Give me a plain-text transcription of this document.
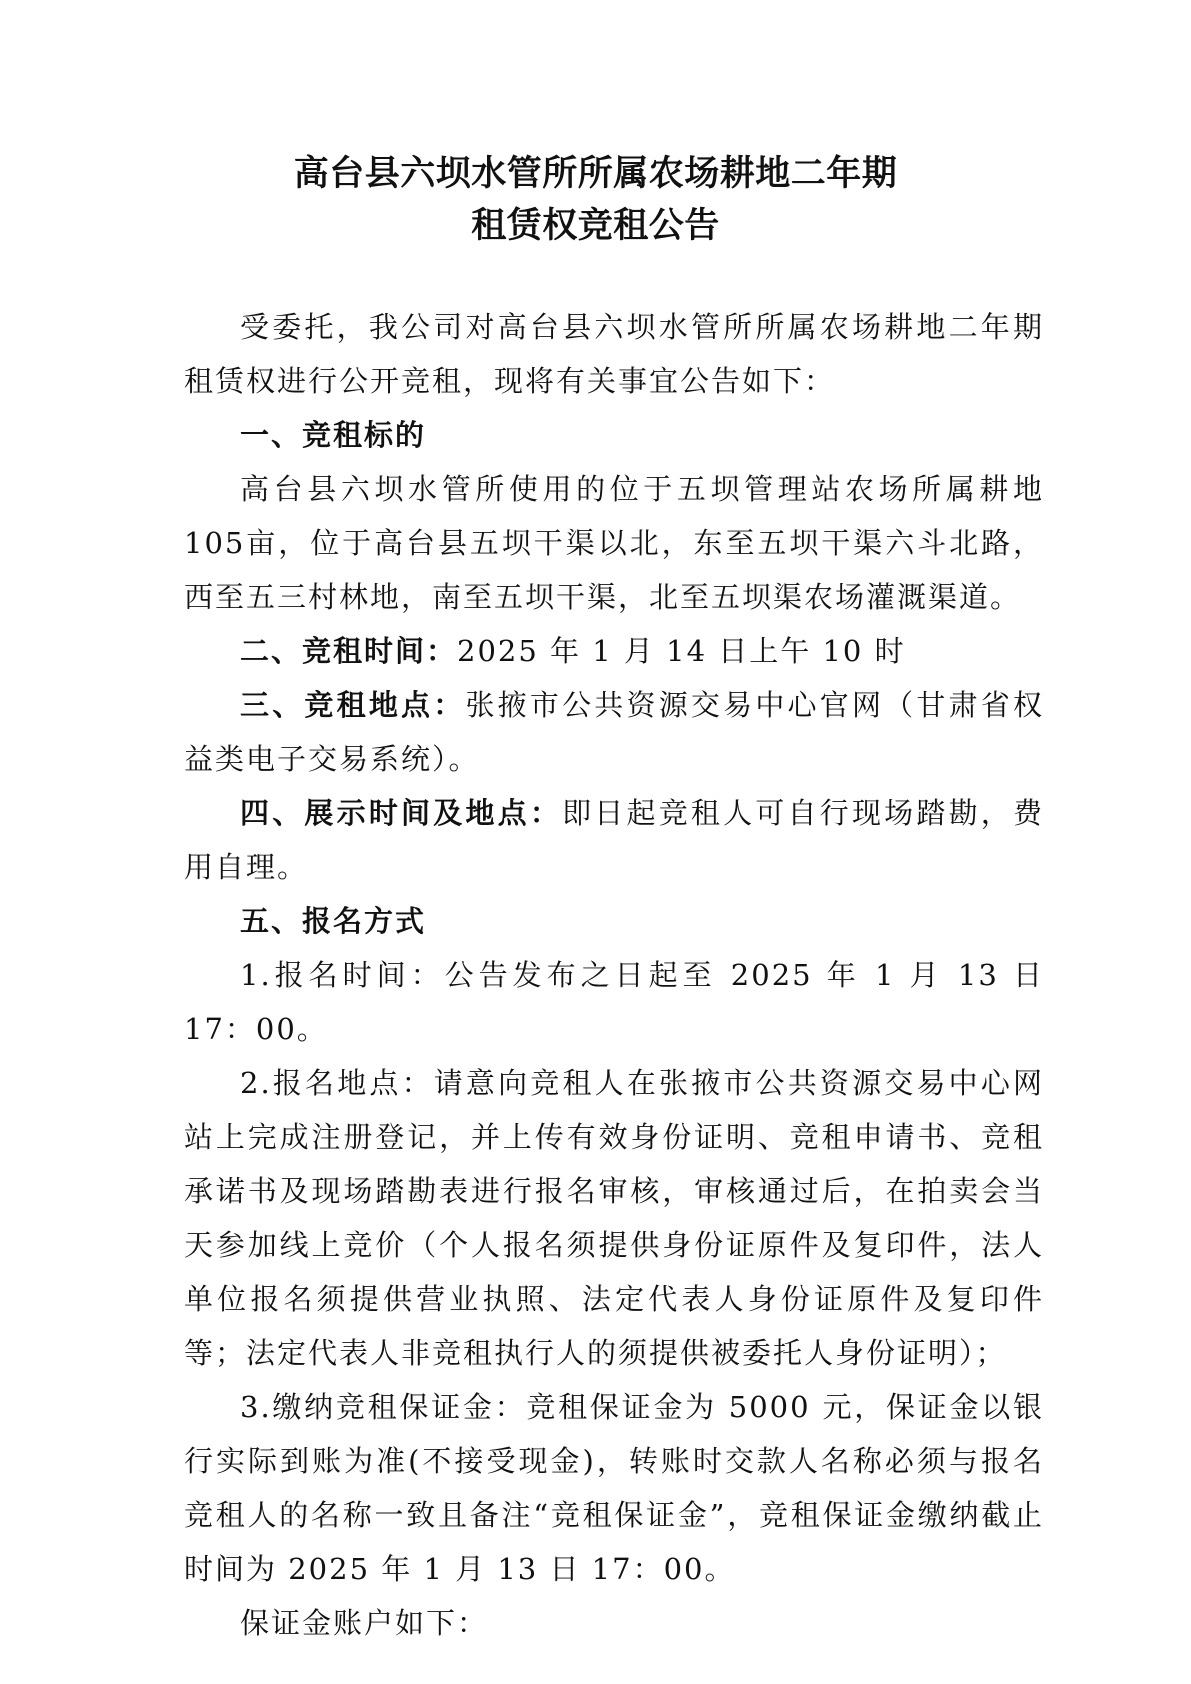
高台县六坝水管所所属农场耕地二年期
租赁权竞租公告

受委托，我公司对高台县六坝水管所所属农场耕地二年期租赁权进行公开竞租，现将有关事宜公告如下：

一、竞租标的

高台县六坝水管所使用的位于五坝管理站农场所属耕地105亩，位于高台县五坝干渠以北，东至五坝干渠六斗北路，西至五三村林地，南至五坝干渠，北至五坝渠农场灌溉渠道。

二、竞租时间：2025 年 1 月 14 日上午 10 时

三、竞租地点：张掖市公共资源交易中心官网（甘肃省权益类电子交易系统）。

四、展示时间及地点：即日起竞租人可自行现场踏勘，费用自理。

五、报名方式

1.报名时间：公告发布之日起至 2025 年 1 月 13 日 17：00。

2.报名地点：请意向竞租人在张掖市公共资源交易中心网站上完成注册登记，并上传有效身份证明、竞租申请书、竞租承诺书及现场踏勘表进行报名审核，审核通过后，在拍卖会当天参加线上竞价（个人报名须提供身份证原件及复印件，法人单位报名须提供营业执照、法定代表人身份证原件及复印件等；法定代表人非竞租执行人的须提供被委托人身份证明）；

3.缴纳竞租保证金：竞租保证金为 5000 元，保证金以银行实际到账为准(不接受现金)，转账时交款人名称必须与报名竞租人的名称一致且备注“竞租保证金”，竞租保证金缴纳截止时间为 2025 年 1 月 13 日 17：00。

保证金账户如下：
